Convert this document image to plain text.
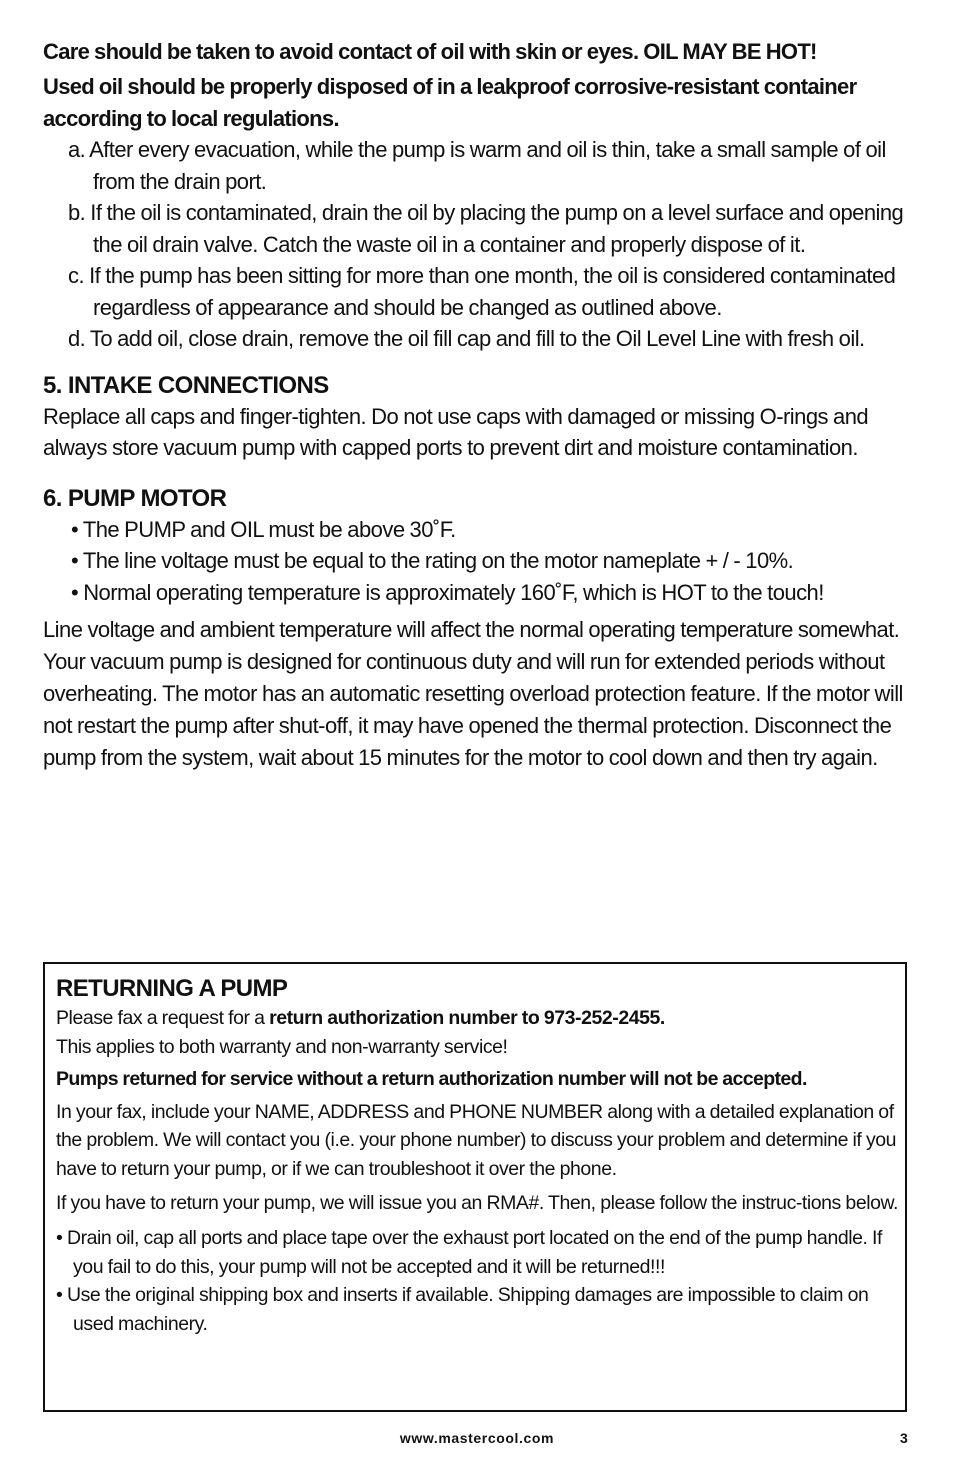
Care should be taken to avoid contact of oil with skin or eyes. OIL MAY BE HOT!

Used oil should be properly disposed of in a leakproof corrosive-resistant container according to local regulations.

a. After every evacuation, while the pump is warm and oil is thin, take a small sample of oil from the drain port.
b. If the oil is contaminated, drain the oil by placing the pump on a level surface and opening the oil drain valve. Catch the waste oil in a container and properly dispose of it.
c. If the pump has been sitting for more than one month, the oil is considered contaminated regardless of appearance and should be changed as outlined above.
d. To add oil, close drain, remove the oil fill cap and fill to the Oil Level Line with fresh oil.
5. INTAKE CONNECTIONS

Replace all caps and finger-tighten. Do not use caps with damaged or missing O-rings and always store vacuum pump with capped ports to prevent dirt and moisture contamination.

6. PUMP MOTOR
• The PUMP and OIL must be above 30˚F.
• The line voltage must be equal to the rating on the motor nameplate + / - 10%.
• Normal operating temperature is approximately 160˚F, which is HOT to the touch!

Line voltage and ambient temperature will affect the normal operating temperature somewhat. Your vacuum pump is designed for continuous duty and will run for extended periods without overheating. The motor has an automatic resetting overload protection feature. If the motor will not restart the pump after shut-off, it may have opened the thermal protection. Disconnect the pump from the system, wait about 15 minutes for the motor to cool down and then try again.

RETURNING A PUMP

Please fax a request for a return authorization number to 973-252-2455.

This applies to both warranty and non-warranty service!

Pumps returned for service without a return authorization number will not be accepted.

In your fax, include your NAME, ADDRESS and PHONE NUMBER along with a detailed explanation of the problem. We will contact you (i.e. your phone number) to discuss your problem and determine if you have to return your pump, or if we can troubleshoot it over the phone.

If you have to return your pump, we will issue you an RMA#. Then, please follow the instruc-tions below.

• Drain oil, cap all ports and place tape over the exhaust port located on the end of the pump handle. If you fail to do this, your pump will not be accepted and it will be returned!!!
• Use the original shipping box and inserts if available. Shipping damages are impossible to claim on used machinery.
www.mastercool.com	3
